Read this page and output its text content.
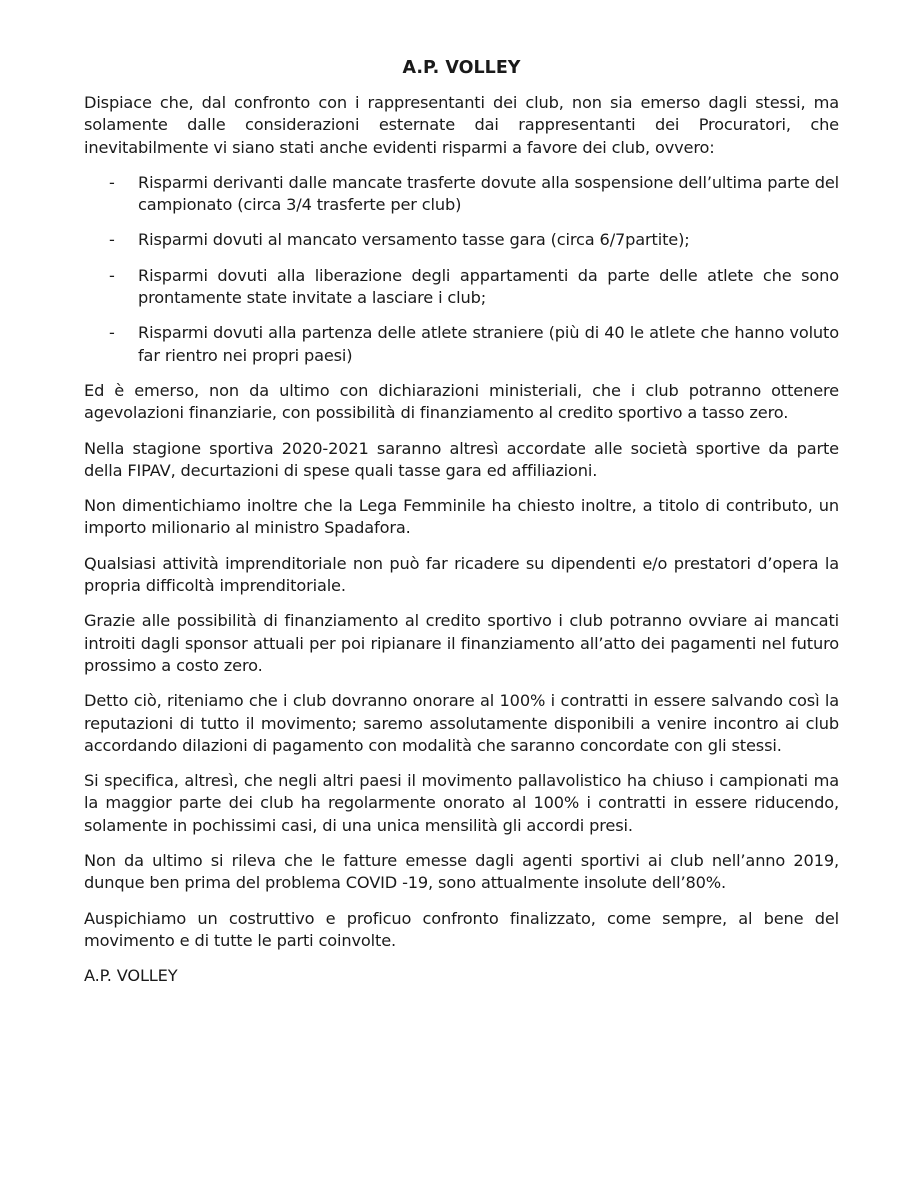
A.P. VOLLEY

Dispiace che, dal confronto con i rappresentanti dei club, non sia emerso dagli stessi, ma solamente dalle considerazioni esternate dai rappresentanti dei Procuratori, che inevitabilmente vi siano stati anche evidenti risparmi a favore dei club, ovvero:

- Risparmi derivanti dalle mancate trasferte dovute alla sospensione dell’ultima parte del campionato (circa 3/4 trasferte per club)
- Risparmi dovuti al mancato versamento tasse gara (circa 6/7partite);
- Risparmi dovuti alla liberazione degli appartamenti da parte delle atlete che sono prontamente state invitate a lasciare i club;
- Risparmi dovuti alla partenza delle atlete straniere (più di 40 le atlete che hanno voluto far rientro nei propri paesi)

Ed è emerso, non da ultimo con dichiarazioni ministeriali, che i club potranno ottenere agevolazioni finanziarie, con possibilità di finanziamento al credito sportivo a tasso zero.

Nella stagione sportiva 2020-2021 saranno altresì accordate alle società sportive da parte della FIPAV, decurtazioni di spese quali tasse gara ed affiliazioni.

Non dimentichiamo inoltre che la Lega Femminile ha chiesto inoltre, a titolo di contributo, un importo milionario al ministro Spadafora.

Qualsiasi attività imprenditoriale non può far ricadere su dipendenti e/o prestatori d’opera la propria difficoltà imprenditoriale.

Grazie alle possibilità di finanziamento al credito sportivo i club potranno ovviare ai mancati introiti dagli sponsor attuali per poi ripianare il finanziamento all’atto dei pagamenti nel futuro prossimo a costo zero.

Detto ciò, riteniamo che i club dovranno onorare al 100% i contratti in essere salvando così la reputazioni di tutto il movimento; saremo assolutamente disponibili a venire incontro ai club accordando dilazioni di pagamento con modalità che saranno concordate con gli stessi.

Si specifica, altresì, che negli altri paesi il movimento pallavolistico ha chiuso i campionati ma la maggior parte dei club ha regolarmente onorato al 100% i contratti in essere riducendo, solamente in pochissimi casi, di una unica mensilità gli accordi presi.

Non da ultimo si rileva che le fatture emesse dagli agenti sportivi ai club nell’anno 2019, dunque ben prima del problema COVID -19, sono attualmente insolute dell’80%.

Auspichiamo un costruttivo e proficuo confronto finalizzato, come sempre, al bene del movimento e di tutte le parti coinvolte.

A.P. VOLLEY
